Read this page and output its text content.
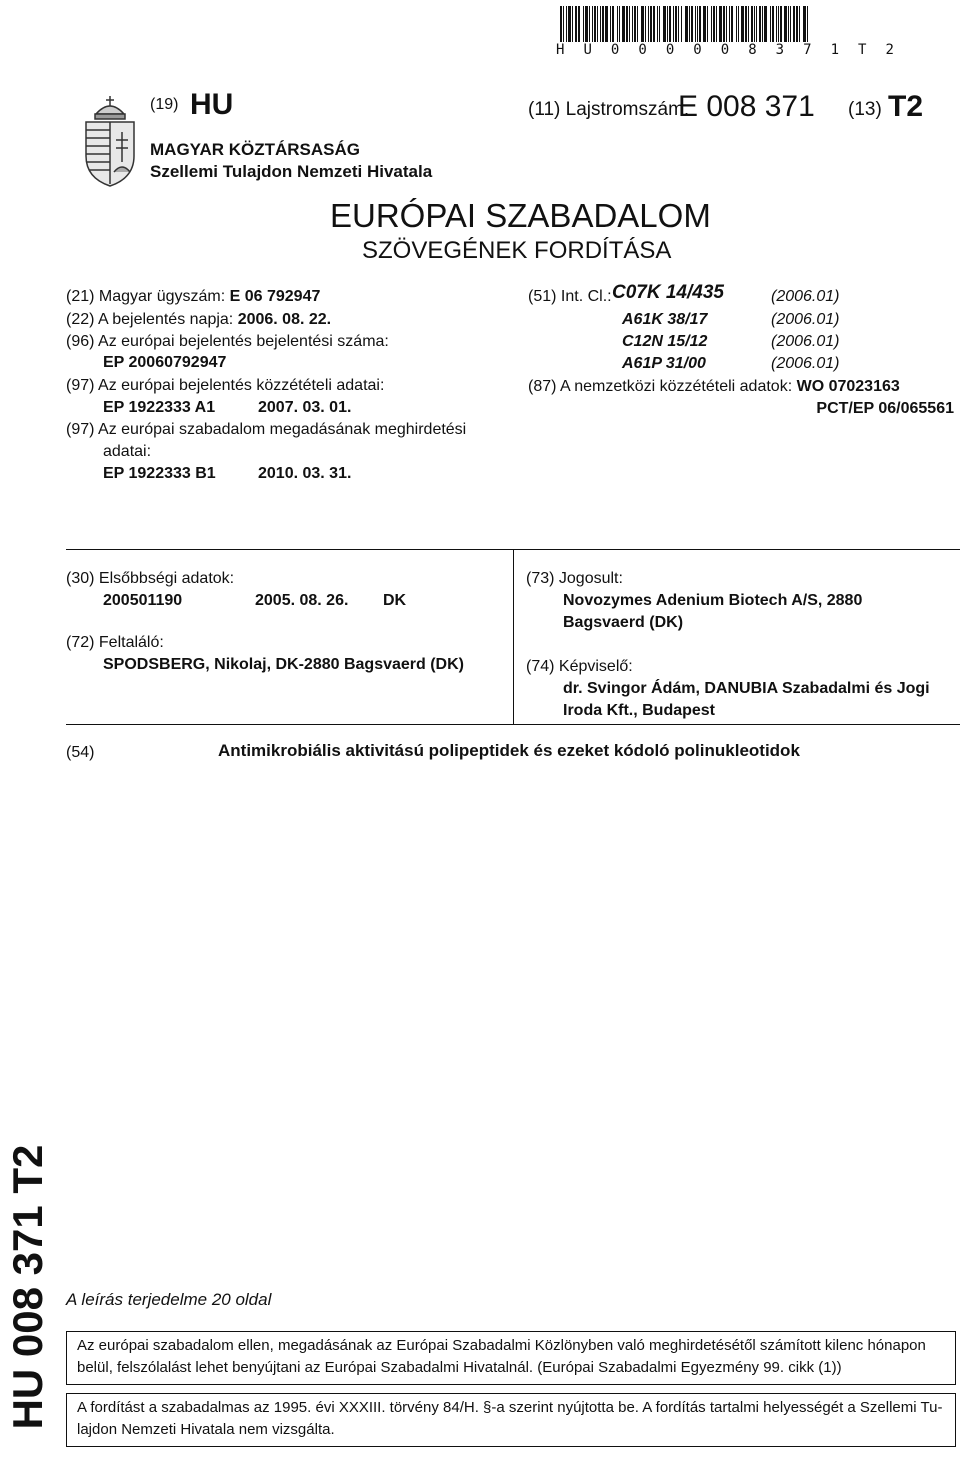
H U 0 0 0 0 0 8 3 7 1 T 2
(19) HU
MAGYAR KÖZTÁRSASÁG
Szellemi Tulajdon Nemzeti Hivatala
(11) Lajstromszám:
E 008 371 (13) T2
EURÓPAI SZABADALOM
SZÖVEGÉNEK FORDÍTÁSA
(21) Magyar ügyszám: E 06 792947
(22) A bejelentés napja: 2006. 08. 22.
(96) Az európai bejelentés bejelentési száma:
EP 20060792947
(97) Az európai bejelentés közzétételi adatai:
EP 1922333 A1	2007. 03. 01.
(97) Az európai szabadalom megadásának meghirdetési
adatai:
EP 1922333 B1	2010. 03. 31.
(51) Int. Cl.: C07K 14/435	(2006.01)
A61K 38/17	(2006.01)
C12N 15/12	(2006.01)
A61P 31/00	(2006.01)
(87) A nemzetközi közzétételi adatok: WO 07023163
PCT/EP 06/065561
(30) Elsőbbségi adatok:
200501190	2005. 08. 26. DK
(72) Feltaláló:
SPODSBERG, Nikolaj, DK-2880 Bagsvaerd (DK)
(73) Jogosult:
Novozymes Adenium Biotech A/S, 2880
Bagsvaerd (DK)
(74) Képviselő:
dr. Svingor Ádám, DANUBIA Szabadalmi és Jogi
Iroda Kft., Budapest
(54)	Antimikrobiális aktivitású polipeptidek és ezeket kódoló polinukleotidok
HU 008 371 T2 A leírás terjedelme 20 oldal
Az európai szabadalom ellen, megadásának az Európai Szabadalmi Közlönyben való meghirdetésétől számított kilenc hónapon
belül, felszólalást lehet benyújtani az Európai Szabadalmi Hivatalnál. (Európai Szabadalmi Egyezmény 99. cikk (1))
A fordítást a szabadalmas az 1995. évi XXXIII. törvény 84/H. §-a szerint nyújtotta be. A fordítás tartalmi helyességét a Szellemi Tu-
lajdon Nemzeti Hivatala nem vizsgálta.
